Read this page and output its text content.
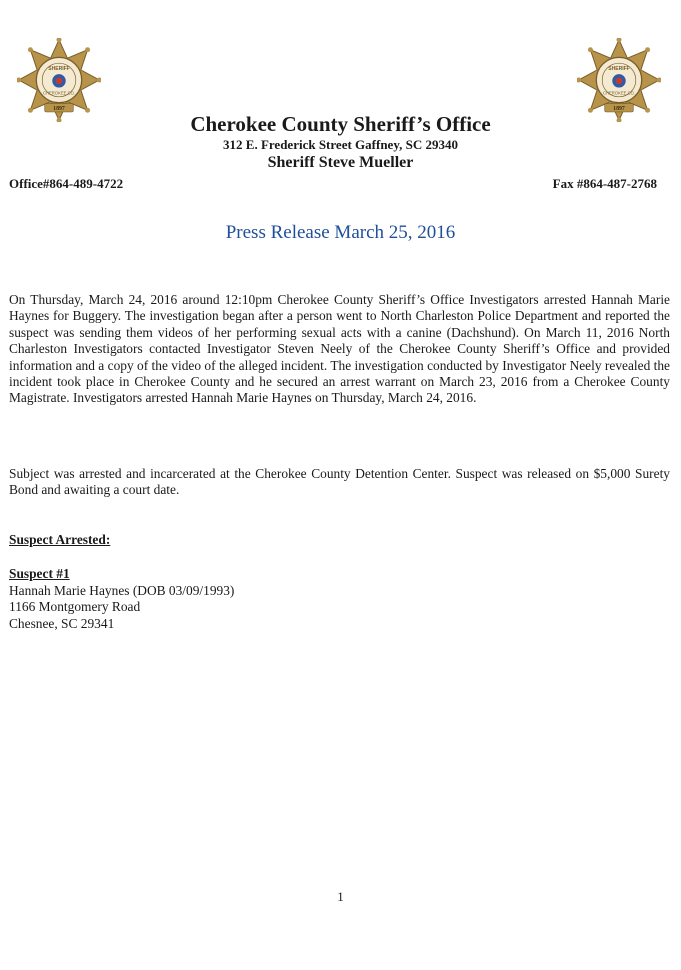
SHERIFF
CHEROKEE CO.
1897
SHERIFF
CHEROKEE CO.
1897
Cherokee County Sheriff’s Office
312 E. Frederick Street Gaffney, SC 29340
Sheriff Steve Mueller
Office#864-489-4722	Fax #864-487-2768
Press Release March 25, 2016
On Thursday, March 24, 2016 around 12:10pm Cherokee County Sheriff’s Office Investigators arrested Hannah Marie Haynes for Buggery. The investigation began after a person went to North Charleston Police Department and reported the suspect was sending them videos of her performing sexual acts with a canine (Dachshund). On March 11, 2016 North Charleston Investigators contacted Investigator Steven Neely of the Cherokee County Sheriff’s Office and provided information and a copy of the video of the alleged incident. The investigation conducted by Investigator Neely revealed the incident took place in Cherokee County and he secured an arrest warrant on March 23, 2016 from a Cherokee County Magistrate. Investigators arrested Hannah Marie Haynes on Thursday, March 24, 2016.
Subject was arrested and incarcerated at the Cherokee County Detention Center. Suspect was released on $5,000 Surety Bond and awaiting a court date.
Suspect Arrested:
Suspect #1
Hannah Marie Haynes (DOB 03/09/1993)
1166 Montgomery Road
Chesnee, SC 29341
1
